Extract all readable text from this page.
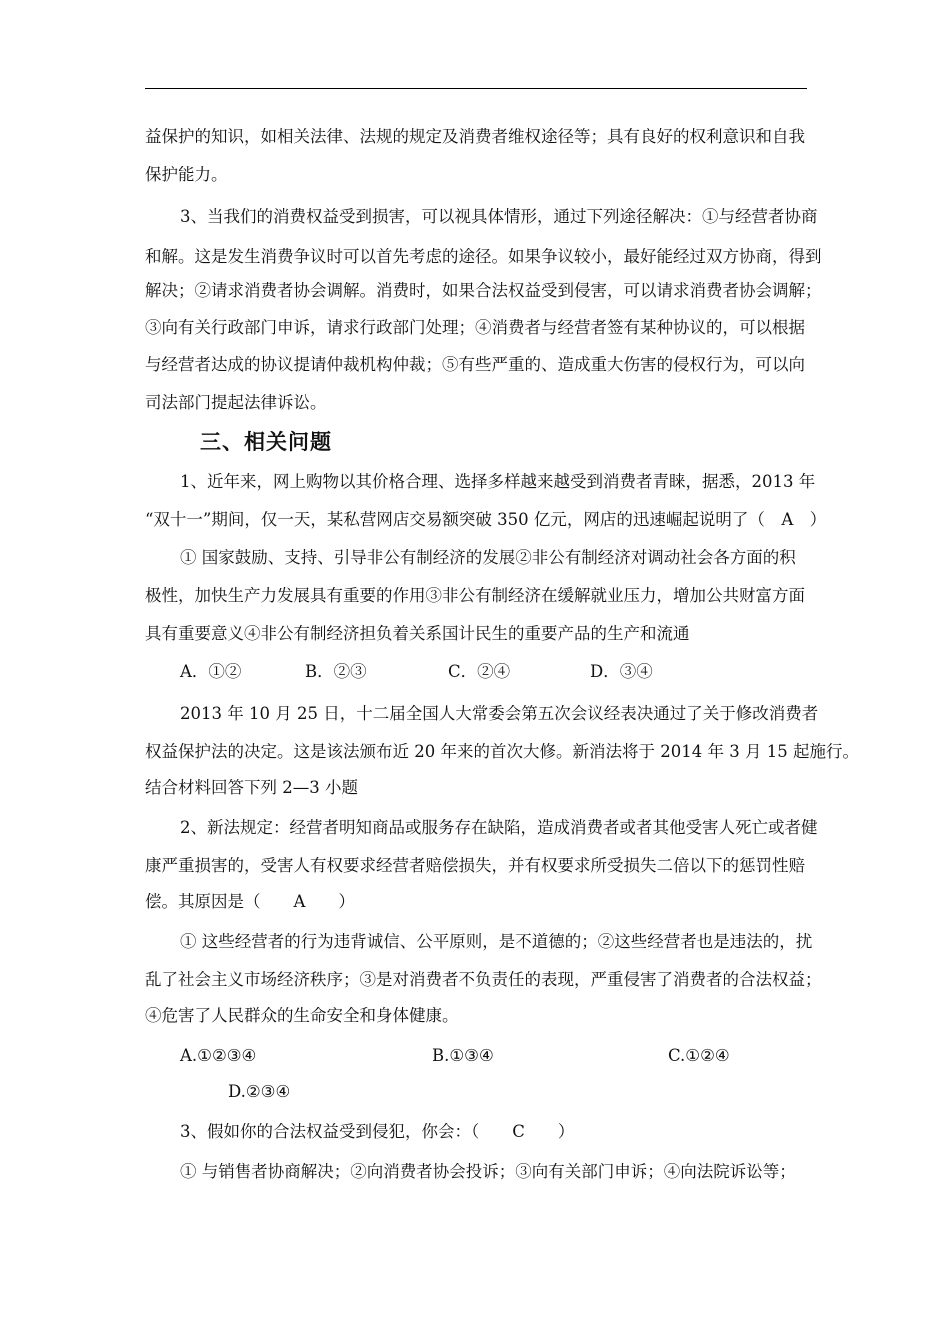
益保护的知识，如相关法律、法规的规定及消费者维权途径等；具有良好的权利意识和自我
保护能力。
3、当我们的消费权益受到损害，可以视具体情形，通过下列途径解决：①与经营者协商
和解。这是发生消费争议时可以首先考虑的途径。如果争议较小，最好能经过双方协商，得到
解决；②请求消费者协会调解。消费时，如果合法权益受到侵害，可以请求消费者协会调解；
③向有关行政部门申诉，请求行政部门处理；④消费者与经营者签有某种协议的，可以根据
与经营者达成的协议提请仲裁机构仲裁；⑤有些严重的、造成重大伤害的侵权行为，可以向
司法部门提起法律诉讼。
三、相关问题
1、近年来，网上购物以其价格合理、选择多样越来越受到消费者青睐，据悉，2013 年
“双十一”期间，仅一天，某私营网店交易额突破 350 亿元，网店的迅速崛起说明了（　A　）
① 国家鼓励、支持、引导非公有制经济的发展②非公有制经济对调动社会各方面的积
极性，加快生产力发展具有重要的作用③非公有制经济在缓解就业压力，增加公共财富方面
具有重要意义④非公有制经济担负着关系国计民生的重要产品的生产和流通
A．①②	B．②③	C．②④	D．③④
2013 年 10 月 25 日，十二届全国人大常委会第五次会议经表决通过了关于修改消费者
权益保护法的决定。这是该法颁布近 20 年来的首次大修。新消法将于 2014 年 3 月 15 起施行。
结合材料回答下列 2—3 小题
2、新法规定：经营者明知商品或服务存在缺陷，造成消费者或者其他受害人死亡或者健
康严重损害的，受害人有权要求经营者赔偿损失，并有权要求所受损失二倍以下的惩罚性赔
偿。其原因是（　　A　　）
① 这些经营者的行为违背诚信、公平原则，是不道德的；②这些经营者也是违法的，扰
乱了社会主义市场经济秩序；③是对消费者不负责任的表现，严重侵害了消费者的合法权益；
④危害了人民群众的生命安全和身体健康。
A.①②③④	B.①③④	C.①②④
D.②③④
3、假如你的合法权益受到侵犯，你会：（　　C　　）
① 与销售者协商解决；②向消费者协会投诉；③向有关部门申诉；④向法院诉讼等；
